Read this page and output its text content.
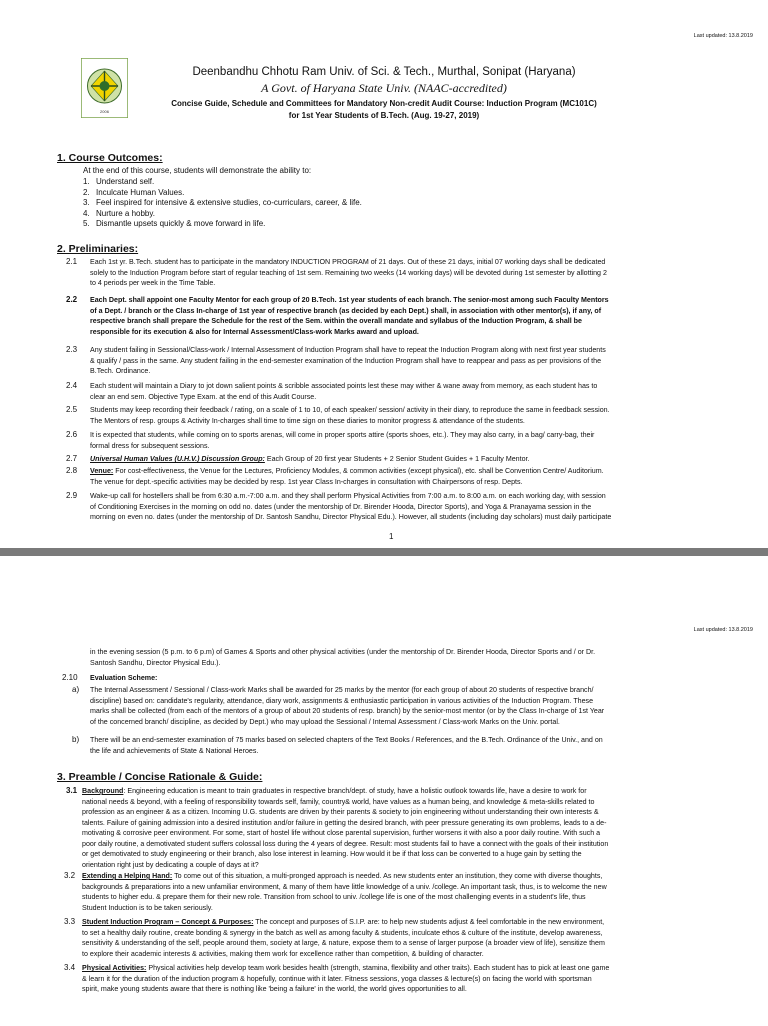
Last updated: 13.8.2019
2006
Deenbandhu Chhotu Ram Univ. of Sci. & Tech., Murthal, Sonipat (Haryana)
A Govt. of Haryana State Univ. (NAAC-accredited)
Concise Guide, Schedule and Committees for Mandatory Non-credit Audit Course: Induction Program (MC101C)
for 1st Year Students of B.Tech. (Aug. 19-27, 2019)
1. Course Outcomes:
At the end of this course, students will demonstrate the ability to:
1. Understand self.
2. Inculcate Human Values.
3. Feel inspired for intensive & extensive studies, co-curriculars, career, & life.
4. Nurture a hobby.
5. Dismantle upsets quickly & move forward in life.
2. Preliminaries:
2.1 Each 1st yr. B.Tech. student has to participate in the mandatory INDUCTION PROGRAM of 21 days. Out of these 21 days, initial 07 working days shall be dedicated
solely to the Induction Program before start of regular teaching of 1st sem. Remaining two weeks (14 working days) will be devoted during 1st semester by allotting 2
to 4 periods per week in the Time Table.
2.2 Each Dept. shall appoint one Faculty Mentor for each group of 20 B.Tech. 1st year students of each branch. The senior-most among such Faculty Mentors
of a Dept. / branch or the Class In-charge of 1st year of respective branch (as decided by each Dept.) shall, in association with other mentor(s), if any, of
respective branch shall prepare the Schedule for the rest of the Sem. within the overall mandate and syllabus of the Induction Program, & shall be
responsible for its execution & also for Internal Assessment/Class-work Marks award and upload.
2.3 Any student failing in Sessional/Class-work / Internal Assessment of Induction Program shall have to repeat the Induction Program along with next first year students
& qualify / pass in the same. Any student failing in the end-semester examination of the Induction Program shall have to reappear and pass as per provisions of the
B.Tech. Ordinance.
2.4 Each student will maintain a Diary to jot down salient points & scribble associated points lest these may wither & wane away from memory, as each student has to
clear an end sem. Objective Type Exam. at the end of this Audit Course.
2.5 Students may keep recording their feedback / rating, on a scale of 1 to 10, of each speaker/ session/ activity in their diary, to reproduce the same in feedback session.
The Mentors of resp. groups & Activity In-charges shall time to time sign on these diaries to monitor progress & attendance of the students.
2.6 It is expected that students, while coming on to sports arenas, will come in proper sports attire (sports shoes, etc.). They may also carry, in a bag/ carry-bag, their
formal dress for subsequent sessions.
2.7 Universal Human Values (U.H.V.) Discussion Group: Each Group of 20 first year Students + 2 Senior Student Guides + 1 Faculty Mentor.
2.8 Venue: For cost-effectiveness, the Venue for the Lectures, Proficiency Modules, & common activities (except physical), etc. shall be Convention Centre/ Auditorium.
The venue for dept.-specific activities may be decided by resp. 1st year Class In-charges in consultation with Chairpersons of resp. Depts.
2.9 Wake-up call for hostellers shall be from 6:30 a.m.-7:00 a.m. and they shall perform Physical Activities from 7:00 a.m. to 8:00 a.m. on each working day, with session
of Conditioning Exercises in the morning on odd no. dates (under the mentorship of Dr. Birender Hooda, Director Sports), and Yoga & Pranayama session in the
morning on even no. dates (under the mentorship of Dr. Santosh Sandhu, Director Physical Edu.). However, all students (including day scholars) must daily participate
1
Last updated: 13.8.2019
in the evening session (5 p.m. to 6 p.m) of Games & Sports and other physical activities (under the mentorship of Dr. Birender Hooda, Director Sports and / or Dr.
Santosh Sandhu, Director Physical Edu.).
2.10 Evaluation Scheme:
a) The Internal Assessment / Sessional / Class-work Marks shall be awarded for 25 marks by the mentor (for each group of about 20 students of respective branch/
discipline) based on: candidate's regularity, attendance, diary work, assignments & enthusiastic participation in various activities of the Induction Program. These
marks shall be collected (from each of the mentors of a group of about 20 students of resp. branch) by the senior-most mentor (or by the Class In-charge of 1st Year
of the concerned branch/ discipline, as decided by Dept.) who may upload the Sessional / Internal Assessment / Class-work Marks on the Univ. portal.
b) There will be an end-semester examination of 75 marks based on selected chapters of the Text Books / References, and the B.Tech. Ordinance of the Univ., and on
the life and achievements of State & National Heroes.
3. Preamble / Concise Rationale & Guide:
3.1 Background: Engineering education is meant to train graduates in respective branch/dept. of study, have a holistic outlook towards life, have a desire to work for
national needs & beyond, with a feeling of responsibility towards self, family, country& world, have values as a human being, and knowledge & meta-skills related to
profession as an engineer & as a citizen. Incoming U.G. students are driven by their parents & society to join engineering without understanding their own interests &
talents. Failure of gaining admission into a desired institution and/or failure in getting the desired branch, with peer pressure generating its own problems, leads to a de-
motivating & corrosive peer environment. For some, start of hostel life without close parental supervision, further worsens it with also a poor daily routine. With such a
poor daily routine, a demotivated student suffers colossal loss during the 4 years of degree. Result: most students fail to have a connect with the goals of their institution
or get demotivated to study engineering or their branch, also lose interest in learning. How would it be if that loss can be converted to a huge gain by setting the
orientation right just by dedicating a couple of days at it?
3.2 Extending a Helping Hand: To come out of this situation, a multi-pronged approach is needed. As new students enter an institution, they come with diverse thoughts,
backgrounds & preparations into a new unfamiliar environment, & many of them have little knowledge of a univ. /college. An important task, thus, is to welcome the new
students to higher edu. & prepare them for their new role. Transition from school to univ. /college life is one of the most challenging events in a student's life, thus
Student Induction is to be taken seriously.
3.3 Student Induction Program – Concept & Purposes: The concept and purposes of S.I.P. are: to help new students adjust & feel comfortable in the new environment,
to set a healthy daily routine, create bonding & synergy in the batch as well as among faculty & students, inculcate ethos & culture of the institute, develop awareness,
sensitivity & understanding of the self, people around them, society at large, & nature, expose them to a sense of larger purpose (a broader view of life), sensitize them
to explore their academic interests & activities, making them work for excellence rather than competition, & building of character.
3.4 Physical Activities: Physical activities help develop team work besides health (strength, stamina, flexibility and other traits). Each student has to pick at least one game
& learn it for the duration of the induction program & hopefully, continue with it later. Fitness sessions, yoga classes & lecture(s) on facing the world with sportsman
spirit, make young students aware that there is nothing like 'being a failure' in the world, the world gives opportunities to all.
